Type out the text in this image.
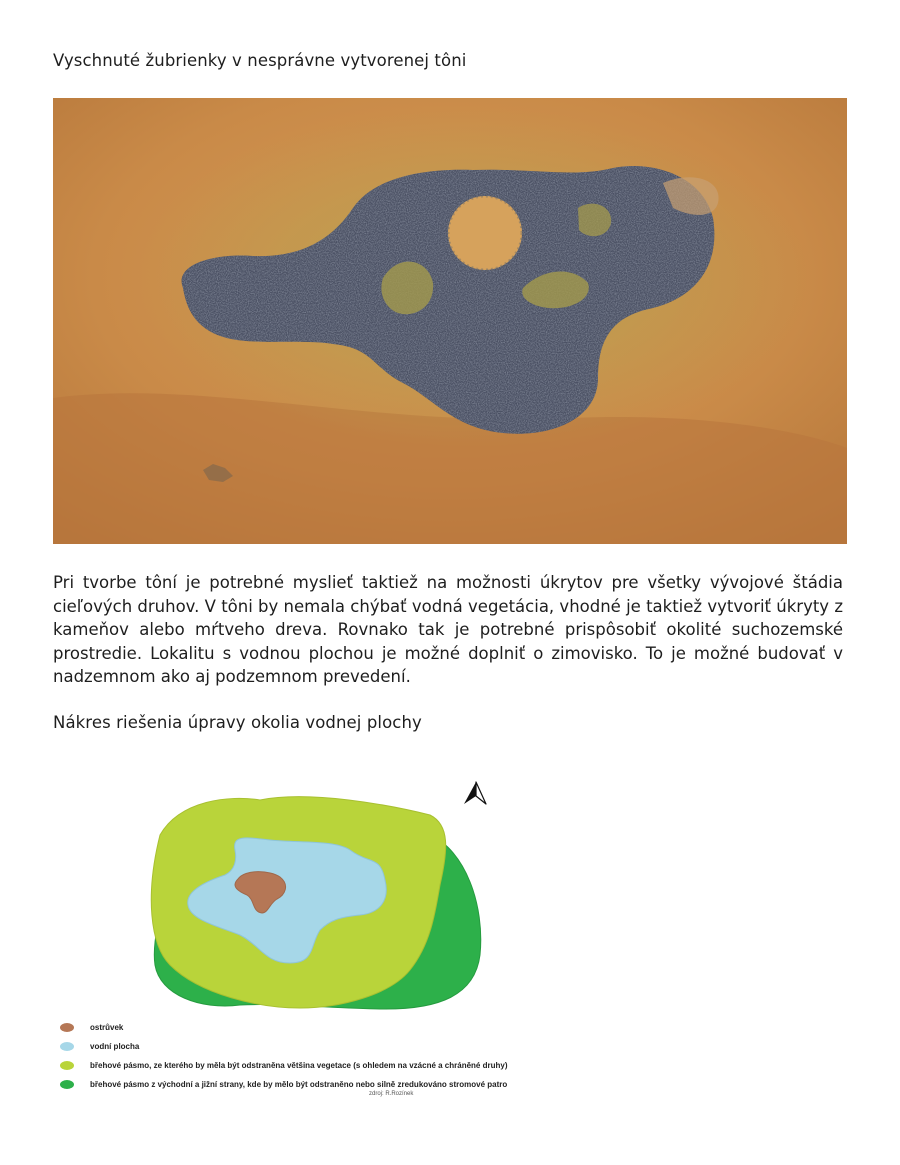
Vyschnuté žubrienky v nesprávne vytvorenej tôni

Pri tvorbe tôní je potrebné myslieť taktiež na možnosti úkrytov pre všetky vývojové štádia cieľových druhov. V tôni by nemala chýbať vodná vegetácia, vhodné je taktiež vytvoriť úkryty z kameňov alebo mŕtveho dreva. Rovnako tak je potrebné prispôsobiť okolité suchozemské prostredie. Lokalitu s vodnou plochou je možné doplniť o zimovisko. To je možné budovať v nadzemnom ako aj podzemnom prevedení.

Nákres riešenia úpravy okolia vodnej plochy
ostrůvek
vodní plocha
břehové pásmo, ze kterého by měla být odstraněna většina vegetace (s ohledem na vzácné a chráněné druhy)
břehové pásmo z východní a jižní strany, kde by mělo být odstraněno nebo silně zredukováno stromové patro
zdroj: R.Rozínek
